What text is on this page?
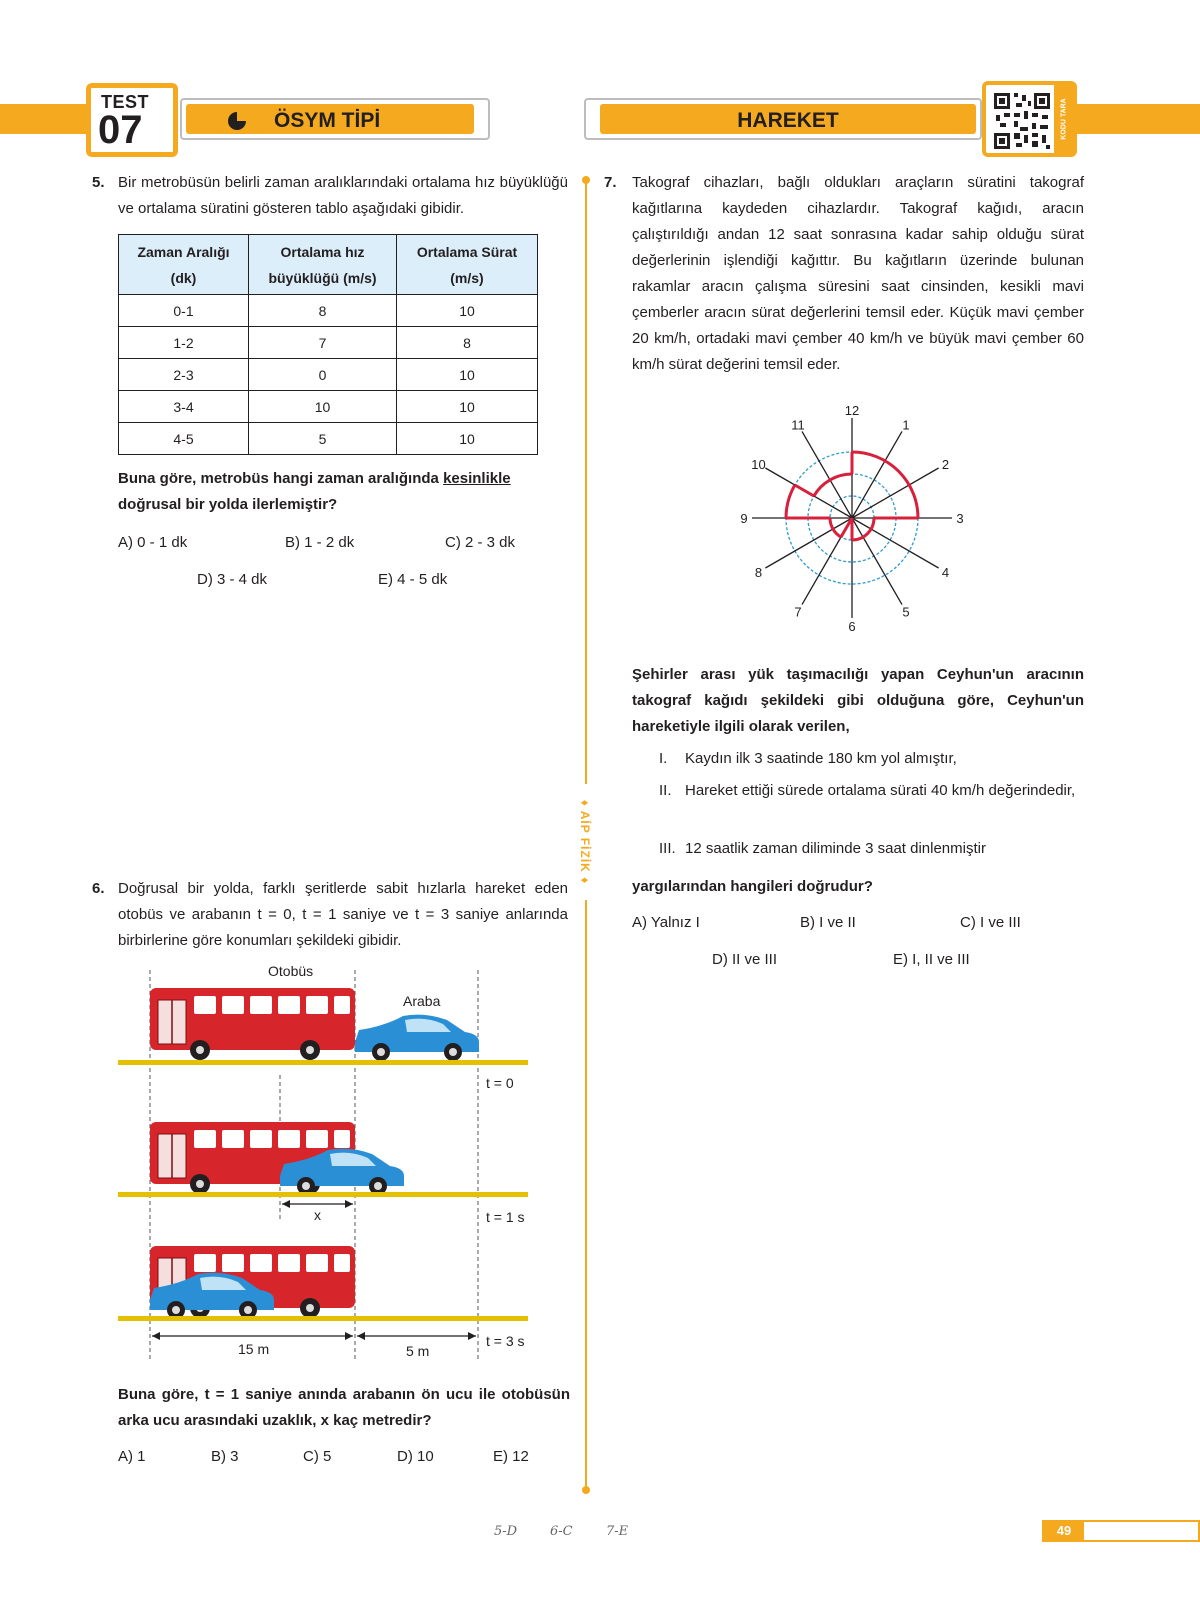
TEST
07	ÖSYM TİPİ	HAREKET	KODU TARA
♦ AİP FİZİK ♦
5. Bir metrobüsün belirli zaman aralıklarındaki ortalama hız büyüklüğü ve ortalama süratini gösteren tablo aşağıdaki gibidir.
Zaman Aralığı (dk)	Ortalama hız büyüklüğü (m/s)	Ortalama Sürat (m/s)
0-1	8	10
1-2	7	8
2-3	0	10
3-4	10	10
4-5	5	10
Buna göre, metrobüs hangi zaman aralığında kesinlikle doğrusal bir yolda ilerlemiştir?
A) 0 - 1 dk	B) 1 - 2 dk	C) 2 - 3 dk
D) 3 - 4 dk	E) 4 - 5 dk
6. Doğrusal bir yolda, farklı şeritlerde sabit hızlarla hareket eden otobüs ve arabanın t = 0, t = 1 saniye ve t = 3 saniye anlarında birbirlerine göre konumları şekildeki gibidir.
Otobüs
Araba
t = 0
x	t = 1 s
15 m	5 m
t = 3 s
Buna göre, t = 1 saniye anında arabanın ön ucu ile otobüsün arka ucu arasındaki uzaklık, x kaç metredir?
A) 1	B) 3	C) 5	D) 10	E) 12
7. Takograf cihazları, bağlı oldukları araçların süratini takograf kağıtlarına kaydeden cihazlardır. Takograf kağıdı, aracın çalıştırıldığı andan 12 saat sonrasına kadar sahip olduğu sürat değerlerinin işlendiği kağıttır. Bu kağıtların üzerinde bulunan rakamlar aracın çalışma süresini saat cinsinden, kesikli mavi çemberler aracın sürat değerlerini temsil eder. Küçük mavi çember 20 km/h, ortadaki mavi çember 40 km/h ve büyük mavi çember 60 km/h sürat değerini temsil eder.
12
1
2
3
4
5
6
7
8
9
10
11
Şehirler arası yük taşımacılığı yapan Ceyhun'un aracının takograf kağıdı şekildeki gibi olduğuna göre, Ceyhun'un hareketiyle ilgili olarak verilen,
I. Kaydın ilk 3 saatinde 180 km yol almıştır,
II. Hareket ettiği sürede ortalama sürati 40 km/h değerindedir,
III. 12 saatlik zaman diliminde 3 saat dinlenmiştir
yargılarından hangileri doğrudur?
A) Yalnız I	B) I ve II	C) I ve III
D) II ve III	E) I, II ve III
5-D	6-C	7-E	49
